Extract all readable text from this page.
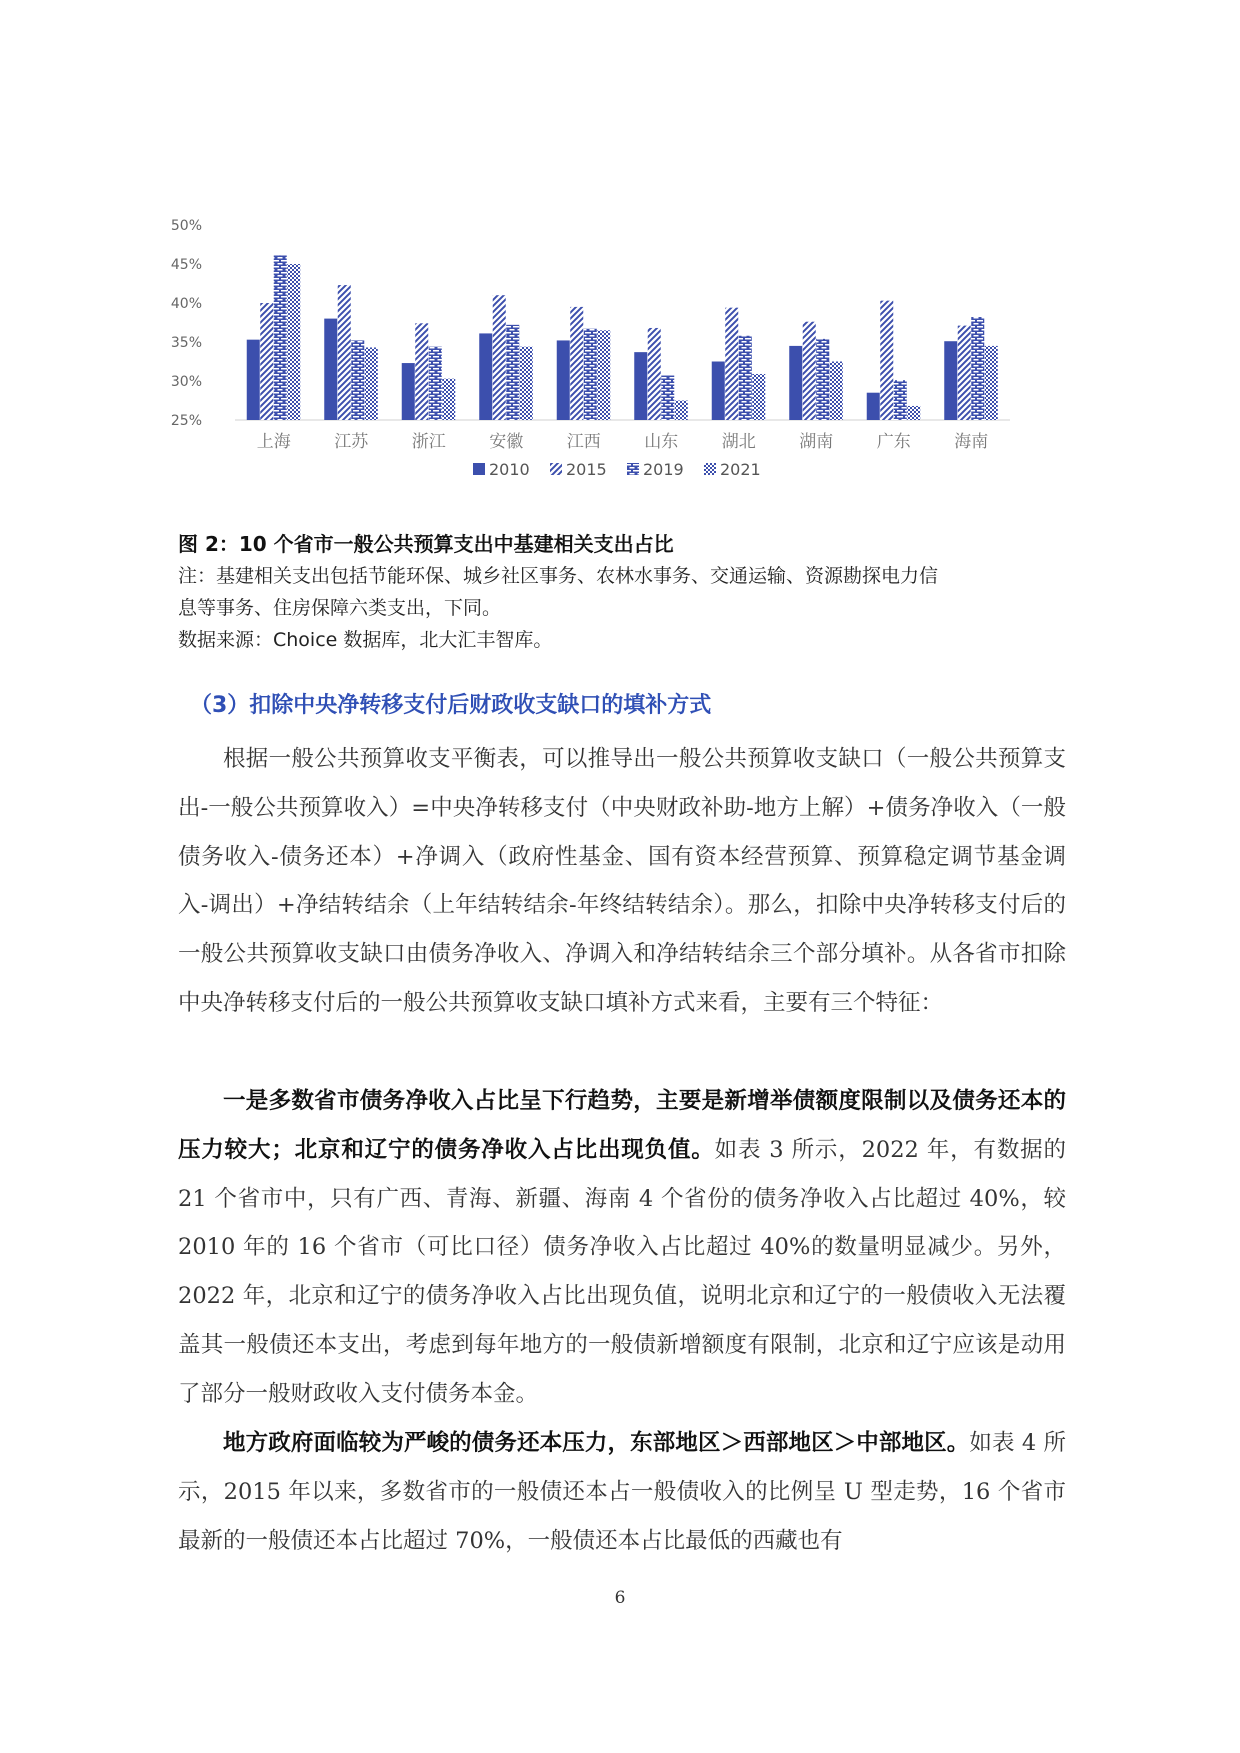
25%
30%
35%
40%
45%
50%
上海	江苏	浙江	安徽	江西	山东	湖北	湖南	广东	海南
2010 2015 2019 2021
图 2：10 个省市一般公共预算支出中基建相关支出占比
注：基建相关支出包括节能环保、城乡社区事务、农林水事务、交通运输、资源勘探电力信
息等事务、住房保障六类支出，下同。
数据来源：Choice 数据库，北大汇丰智库。
（3）扣除中央净转移支付后财政收支缺口的填补方式

根据一般公共预算收支平衡表，可以推导出一般公共预算收支缺口（一般公共预算支出-一般公共预算收入）=中央净转移支付（中央财政补助-地方上解）+债务净收入（一般债务收入-债务还本）+净调入（政府性基金、国有资本经营预算、预算稳定调节基金调入-调出）+净结转结余（上年结转结余-年终结转结余）。那么，扣除中央净转移支付后的一般公共预算收支缺口由债务净收入、净调入和净结转结余三个部分填补。从各省市扣除中央净转移支付后的一般公共预算收支缺口填补方式来看，主要有三个特征：

一是多数省市债务净收入占比呈下行趋势，主要是新增举债额度限制以及债务还本的压力较大；北京和辽宁的债务净收入占比出现负值。如表 3 所示，2022 年，有数据的 21 个省市中，只有广西、青海、新疆、海南 4 个省份的债务净收入占比超过 40%，较 2010 年的 16 个省市（可比口径）债务净收入占比超过 40%的数量明显减少。另外，2022 年，北京和辽宁的债务净收入占比出现负值，说明北京和辽宁的一般债收入无法覆盖其一般债还本支出，考虑到每年地方的一般债新增额度有限制，北京和辽宁应该是动用了部分一般财政收入支付债务本金。

地方政府面临较为严峻的债务还本压力，东部地区＞西部地区＞中部地区。如表 4 所示，2015 年以来，多数省市的一般债还本占一般债收入的比例呈 U 型走势，16 个省市最新的一般债还本占比超过 70%，一般债还本占比最低的西藏也有

6
